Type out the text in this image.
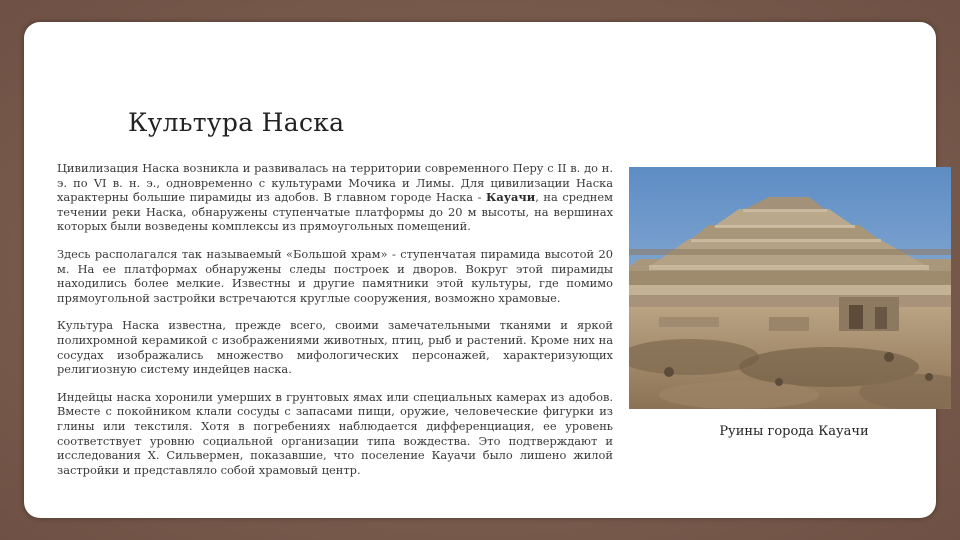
Культура Наска

Цивилизация Наска возникла и развивалась на территории современного Перу с II в. до н. э. по VI в. н. э., одновременно с культурами Мочика и Лимы. Для цивилизации Наска характерны большие пирамиды из адобов. В главном городе Наска - Кауачи, на среднем течении реки Наска, обнаружены ступенчатые платформы до 20 м высоты, на вершинах которых были возведены комплексы из прямоугольных помещений.

Здесь располагался так называемый «Большой храм» - ступенчатая пирамида высотой 20 м. На ее платформах обнаружены следы построек и дворов. Вокруг этой пирамиды находились более мелкие. Известны и другие памятники этой культуры, где помимо прямоугольной застройки встречаются круглые сооружения, возможно храмовые.

Культура Наска известна, прежде всего, своими замечательными тканями и яркой полихромной керамикой с изображениями животных, птиц, рыб и растений. Кроме них на сосудах изображались множество мифологических персонажей, характеризующих религиозную систему индейцев наска.

Индейцы наска хоронили умерших в грунтовых ямах или специальных камерах из адобов. Вместе с покойником клали сосуды с запасами пищи, оружие, человеческие фигурки из глины или текстиля. Хотя в погребениях наблюдается дифференциация, ее уровень соответствует уровню социальной организации типа вождества. Это подтверждают и исследования Х. Сильвермен, показавшие, что поселение Кауачи было лишено жилой застройки и представляло собой храмовый центр.

Руины города Кауачи
